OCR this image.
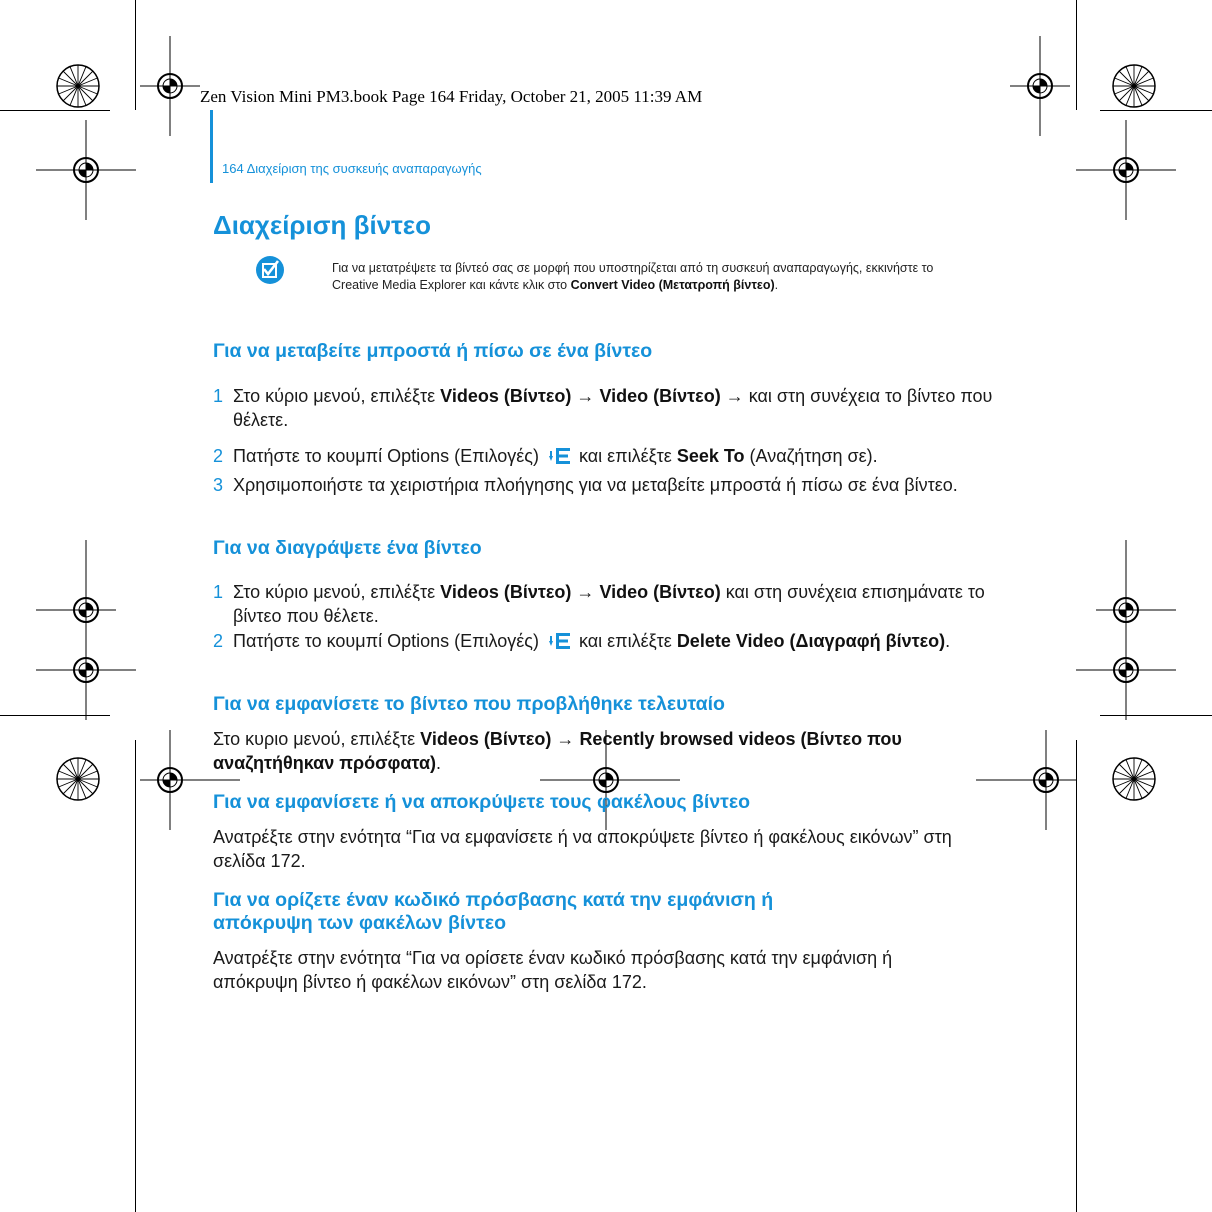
Zen Vision Mini PM3.book Page 164 Friday, October 21, 2005 11:39 AM
164 Διαχείριση της συσκευής αναπαραγωγής
Διαχείριση βίντεο
Για να μετατρέψετε τα βίντεό σας σε μορφή που υποστηρίζεται από τη συσκευή αναπαραγωγής, εκκινήστε το Creative Media Explorer και κάντε κλικ στο Convert Video (Μετατροπή βίντεο).
Για να μεταβείτε μπροστά ή πίσω σε ένα βίντεο
1 Στο κύριο μενού, επιλέξτε Videos (Βίντεο) → Video (Βίντεο) → και στη συνέχεια το βίντεο που θέλετε.
2 Πατήστε το κουμπί Options (Επιλογές)  και επιλέξτε Seek To (Αναζήτηση σε).
3 Χρησιμοποιήστε τα χειριστήρια πλοήγησης για να μεταβείτε μπροστά ή πίσω σε ένα βίντεο.
Για να διαγράψετε ένα βίντεο
1 Στο κύριο μενού, επιλέξτε Videos (Βίντεο) → Video (Βίντεο) και στη συνέχεια επισημάνατε το βίντεο που θέλετε.
2 Πατήστε το κουμπί Options (Επιλογές)  και επιλέξτε Delete Video (Διαγραφή βίντεο).
Για να εμφανίσετε το βίντεο που προβλήθηκε τελευταίο
Στο κυριο μενού, επιλέξτε Videos (Βίντεο) → Recently browsed videos (Βίντεο που αναζητήθηκαν πρόσφατα).
Για να εμφανίσετε ή να αποκρύψετε τους φακέλους βίντεο
Ανατρέξτε στην ενότητα “Για να εμφανίσετε ή να αποκρύψετε βίντεο ή φακέλους εικόνων” στη σελίδα 172.
Για να ορίζετε έναν κωδικό πρόσβασης κατά την εμφάνιση ή
απόκρυψη των φακέλων βίντεο
Ανατρέξτε στην ενότητα “Για να ορίσετε έναν κωδικό πρόσβασης κατά την εμφάνιση ή απόκρυψη βίντεο ή φακέλων εικόνων” στη σελίδα 172.
